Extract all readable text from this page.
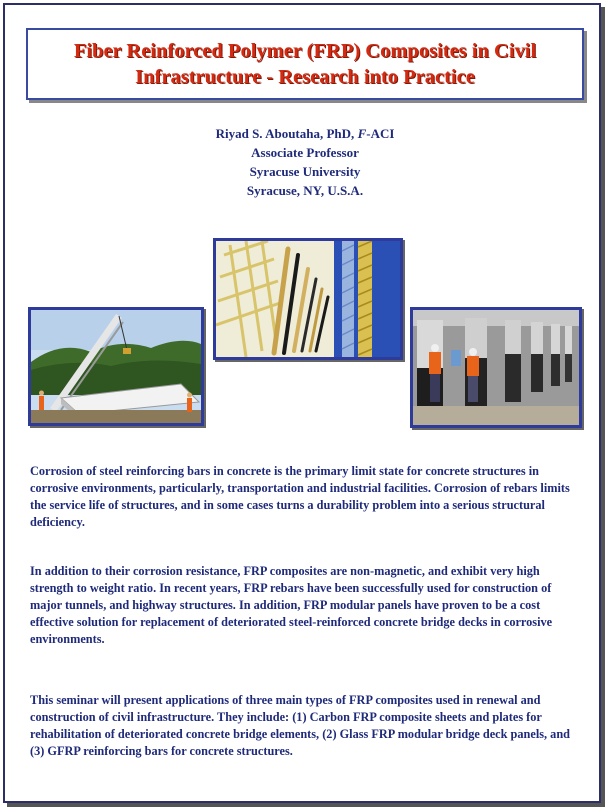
Fiber Reinforced Polymer (FRP) Composites in Civil
Infrastructure - Research into Practice
Riyad S. Aboutaha, PhD, F-ACI
Associate Professor
Syracuse University
Syracuse, NY, U.S.A.
Corrosion of steel reinforcing bars in concrete is the primary limit state for concrete structures in corrosive environments, particularly, transportation and industrial facilities. Corrosion of rebars limits the service life of structures, and in some cases turns a durability problem into a serious structural deficiency.
In addition to their corrosion resistance, FRP composites are non-magnetic, and exhibit very high strength to weight ratio. In recent years, FRP rebars have been successfully used for construction of major tunnels, and highway structures. In addition, FRP modular panels have proven to be a cost effective solution for replacement of deteriorated steel-reinforced concrete bridge decks in corrosive environments.
This seminar will present applications of three main types of FRP composites used in renewal and construction of civil infrastructure. They include: (1) Carbon FRP composite sheets and plates for rehabilitation of deteriorated concrete bridge elements, (2) Glass FRP modular bridge deck panels, and (3) GFRP reinforcing bars for concrete structures.
